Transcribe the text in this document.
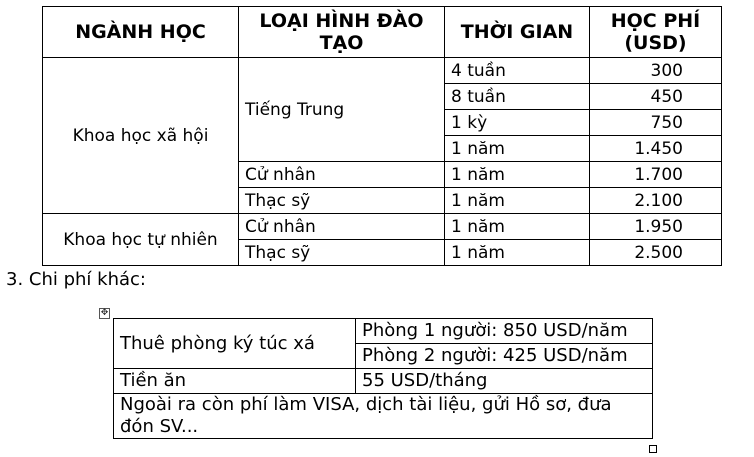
NGÀNH HỌC	LOẠI HÌNH ĐÀO TẠO	THỜI GIAN	HỌC PHÍ (USD)
Khoa học xã hội	Tiếng Trung	4 tuần	300
		8 tuần	450
		1 kỳ	750
		1 năm	1.450
	Cử nhân	1 năm	1.700
	Thạc sỹ	1 năm	2.100
Khoa học tự nhiên	Cử nhân	1 năm	1.950
	Thạc sỹ	1 năm	2.500
3. Chi phí khác:
✥
Thuê phòng ký túc xá	Phòng 1 người: 850 USD/năm
	Phòng 2 người: 425 USD/năm
Tiền ăn	55 USD/tháng
Ngoài ra còn phí làm VISA, dịch tài liệu, gửi Hồ sơ, đưa đón SV...	
